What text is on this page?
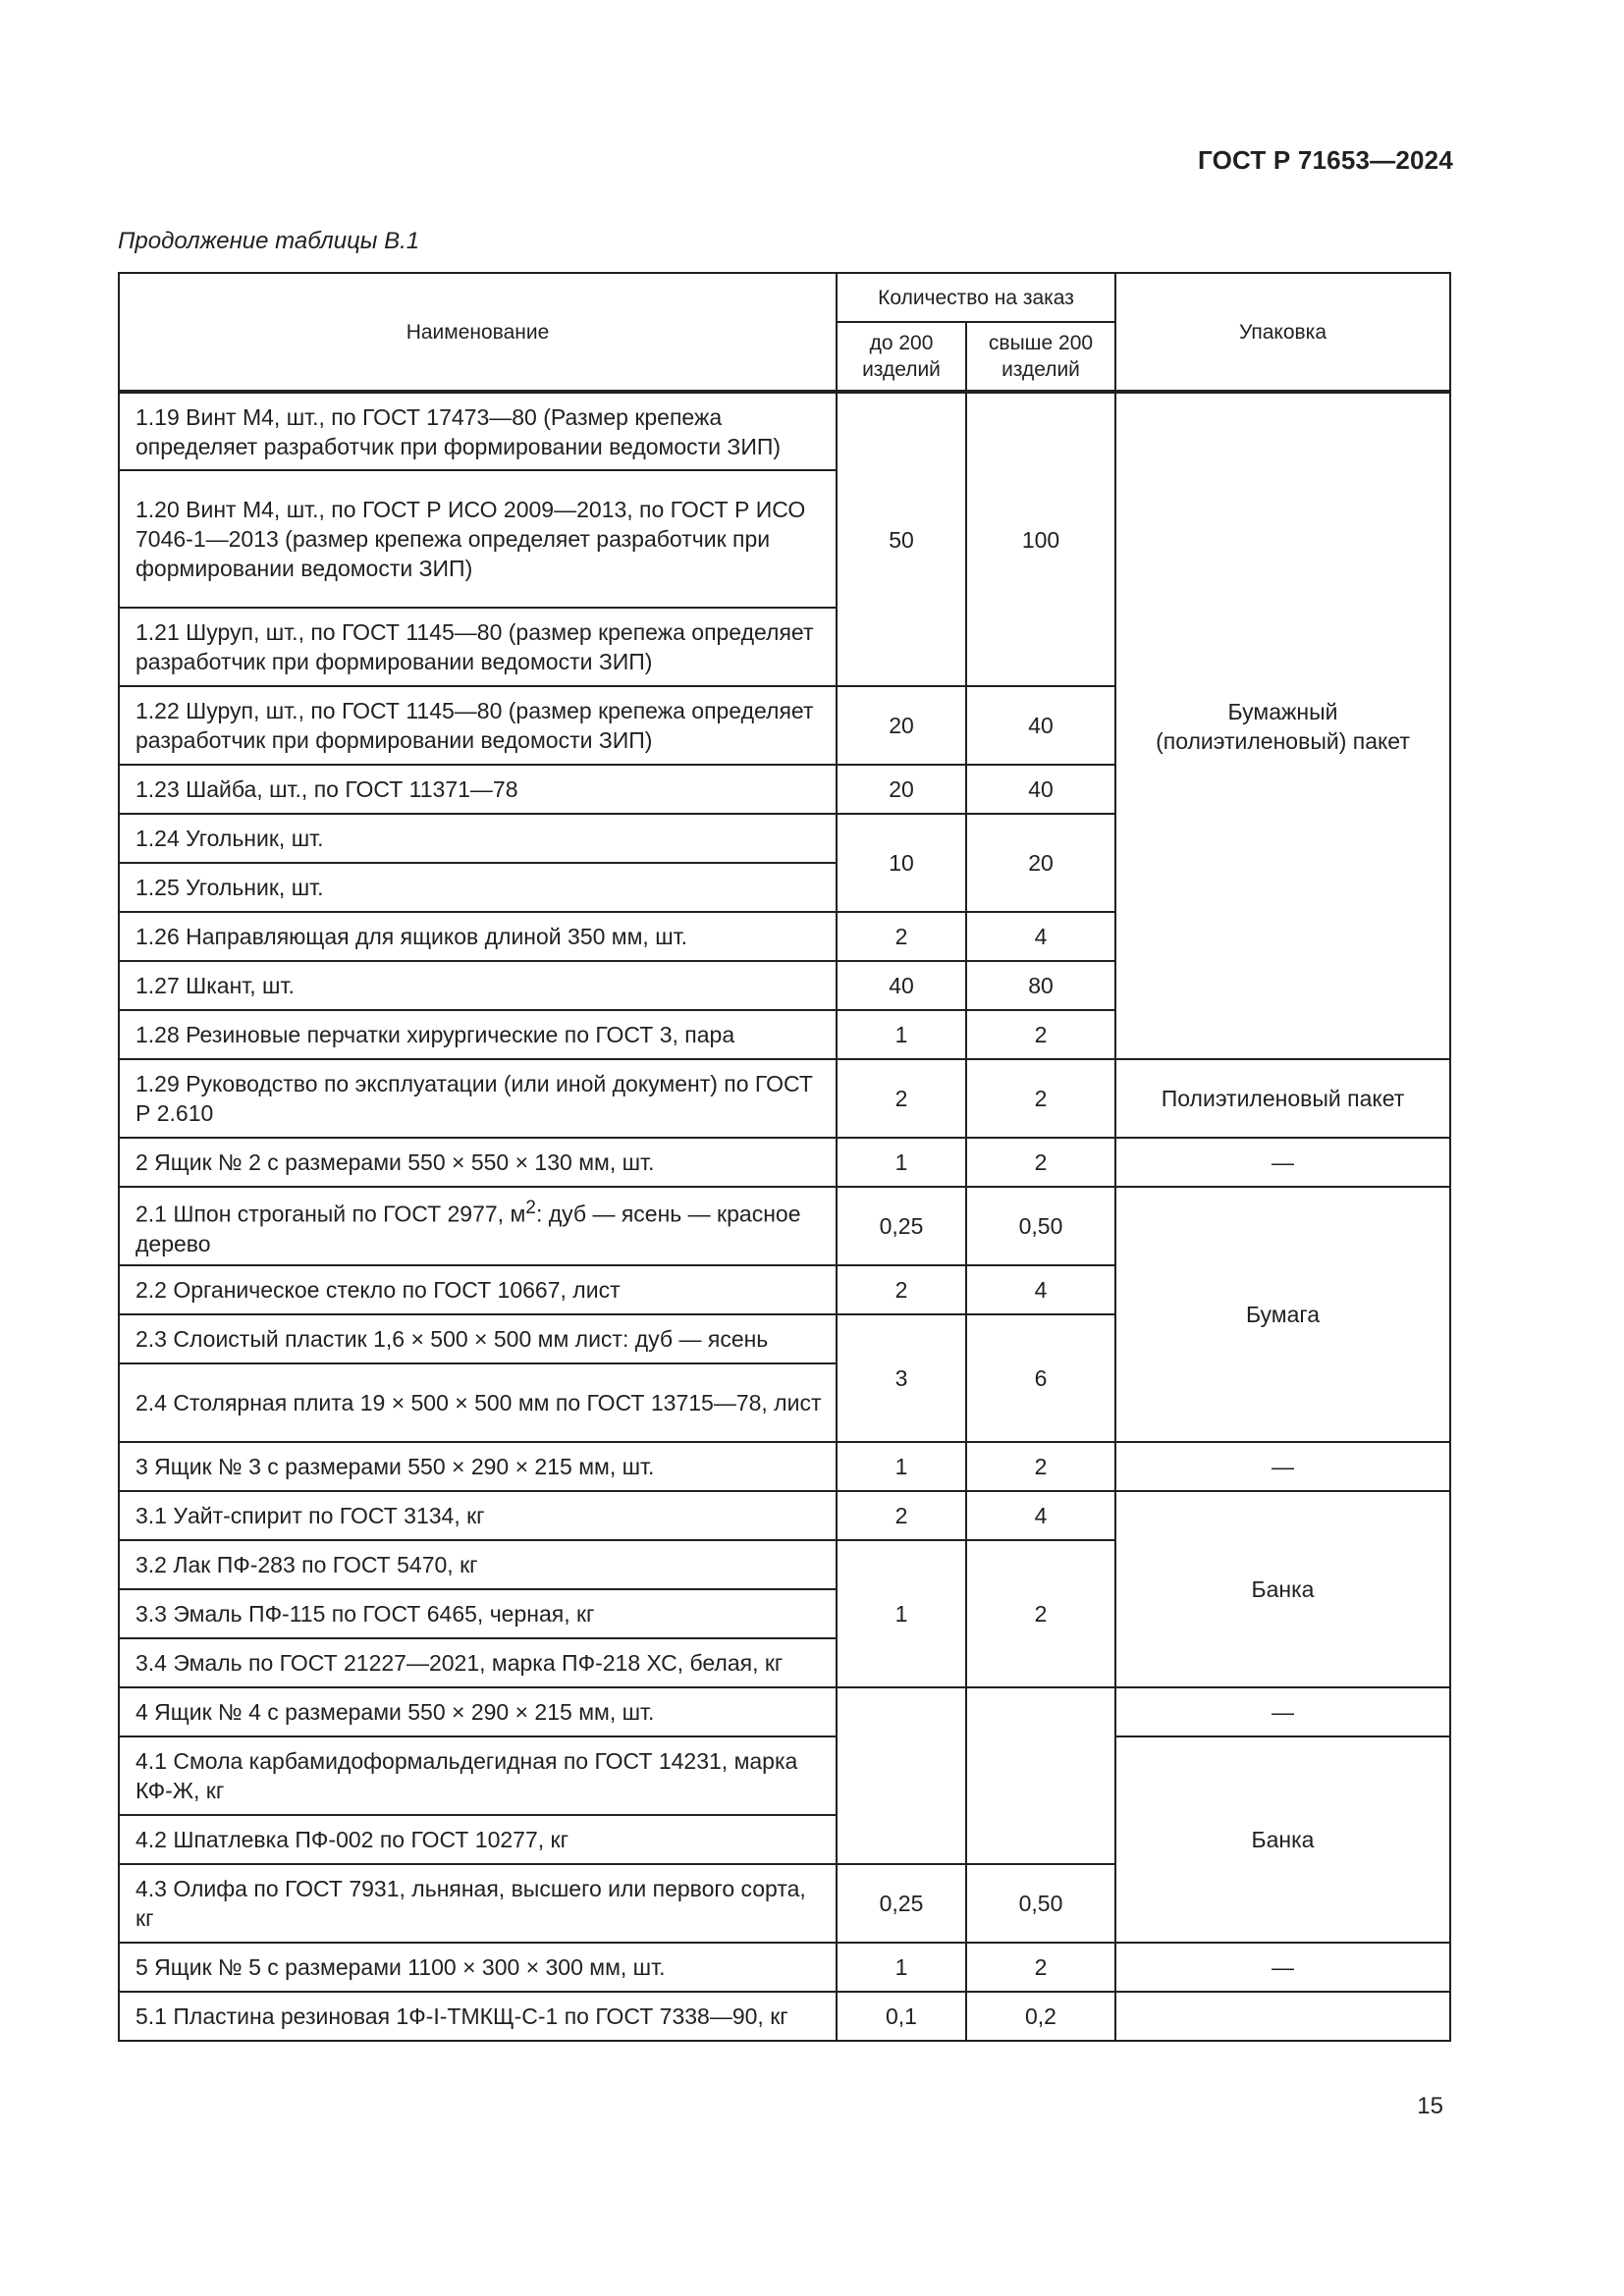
ГОСТ Р 71653—2024
Продолжение таблицы В.1
Наименование	Количество на заказ		Упаковка
	до 200 изделий	свыше 200 изделий	
1.19 Винт М4, шт., по ГОСТ 17473—80 (Размер крепежа определяет разработчик при формировании ведомости ЗИП)	50	100	Бумажный (полиэтиленовый) пакет
1.20 Винт М4, шт., по ГОСТ Р ИСО 2009—2013, по ГОСТ Р ИСО 7046-1—2013 (размер крепежа определяет разработчик при формировании ведомости ЗИП)			
1.21 Шуруп, шт., по ГОСТ 1145—80 (размер крепежа определяет разработчик при формировании ведомости ЗИП)			
1.22 Шуруп, шт., по ГОСТ 1145—80 (размер крепежа определяет разработчик при формировании ведомости ЗИП)	20	40	
1.23 Шайба, шт., по ГОСТ 11371—78	20	40	
1.24 Угольник, шт.	10	20	
1.25 Угольник, шт.			
1.26 Направляющая для ящиков длиной 350 мм, шт.	2	4	
1.27 Шкант, шт.	40	80	
1.28 Резиновые перчатки хирургические по ГОСТ 3, пара	1	2	
1.29 Руководство по эксплуатации (или иной документ) по ГОСТ Р 2.610	2	2	Полиэтиленовый пакет
2 Ящик № 2 с размерами 550 × 550 × 130 мм, шт.	1	2	—
2.1 Шпон строганый по ГОСТ 2977, $м^2$: дуб — ясень — красное дерево	0,25	0,50	Бумага
2.2 Органическое стекло по ГОСТ 10667, лист	2	4	
2.3 Слоистый пластик 1,6 × 500 × 500 мм лист: дуб — ясень	3	6	
2.4 Столярная плита 19 × 500 × 500 мм по ГОСТ 13715—78, лист			
3 Ящик № 3 с размерами 550 × 290 × 215 мм, шт.	1	2	—
3.1 Уайт-спирит по ГОСТ 3134, кг	2	4	Банка
3.2 Лак ПФ-283 по ГОСТ 5470, кг	1	2	
3.3 Эмаль ПФ-115 по ГОСТ 6465, черная, кг			
3.4 Эмаль по ГОСТ 21227—2021, марка ПФ-218 ХС, белая, кг			
4 Ящик № 4 с размерами 550 × 290 × 215 мм, шт.			—
4.1 Смола карбамидоформальдегидная по ГОСТ 14231, марка КФ-Ж, кг			Банка
4.2 Шпатлевка ПФ-002 по ГОСТ 10277, кг			
4.3 Олифа по ГОСТ 7931, льняная, высшего или первого сорта, кг	0,25	0,50	
5 Ящик № 5 с размерами 1100 × 300 × 300 мм, шт.	1	2	—
5.1 Пластина резиновая 1Ф-I-ТМКЩ-С-1 по ГОСТ 7338—90, кг	0,1	0,2	
15
